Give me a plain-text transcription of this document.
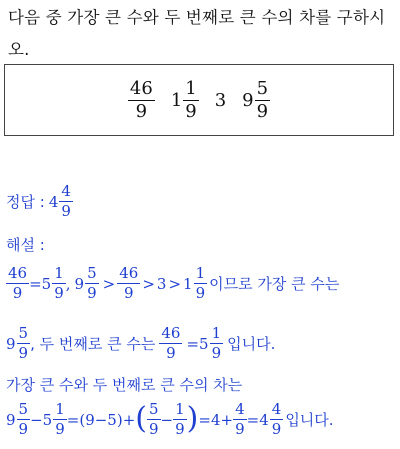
다음 중 가장 큰 수와 두 번째로 큰 수의 차를 구하시오.
$\frac{46}{9} 1 \frac{1}{9} 3$ $9 \frac{5}{9}$
정답 : $4 \frac{4}{9}$
해설 :
$\frac{46}{9} = 5 \frac{1}{9}$ , $9 \frac{5}{9} > \frac{46}{9} > 3 > 1 \frac{1}{9}$ 이므로 가장 큰 수는
$9 \frac{5}{9}$ , 두 번째로 큰 수는 $\frac{46}{9} = 5 \frac{1}{9}$ 입니다.
가장 큰 수와 두 번째로 큰 수의 차는
$9 \frac{5}{9} - 5 \frac{1}{9} = (9-5)$ + ( $\frac{5}{9} - \frac{1}{9}$ ) = $4 + \frac{4}{9} = 4 \frac{4}{9}$ 입니다.
